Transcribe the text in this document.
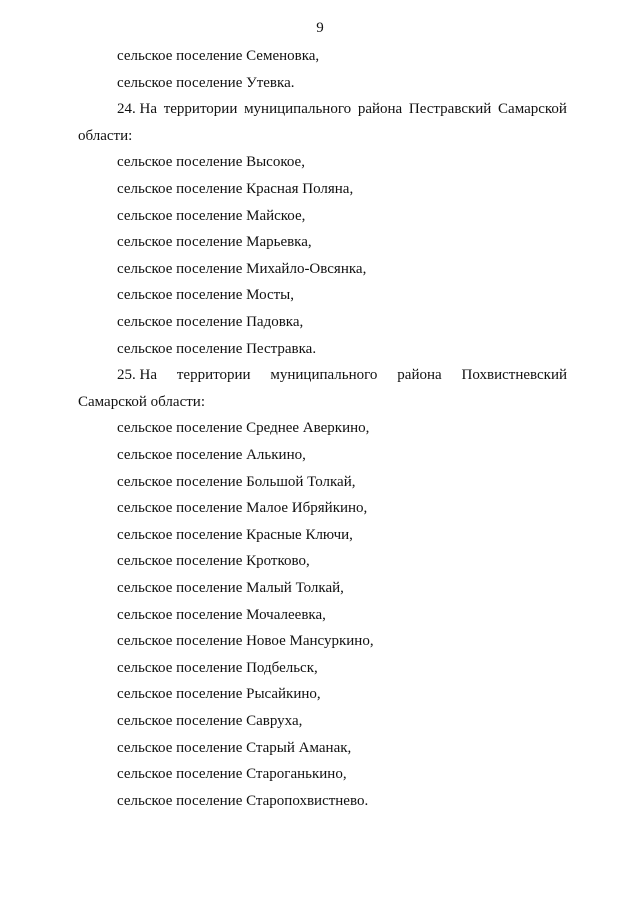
9
сельское поселение Семеновка,
сельское поселение Утевка.
24. На территории муниципального района Пестравский Самарской
области:
сельское поселение Высокое,
сельское поселение Красная Поляна,
сельское поселение Майское,
сельское поселение Марьевка,
сельское поселение Михайло-Овсянка,
сельское поселение Мосты,
сельское поселение Падовка,
сельское поселение Пестравка.
25. На территории муниципального района Похвистневский
Самарской области:
сельское поселение Среднее Аверкино,
сельское поселение Алькино,
сельское поселение Большой Толкай,
сельское поселение Малое Ибряйкино,
сельское поселение Красные Ключи,
сельское поселение Кротково,
сельское поселение Малый Толкай,
сельское поселение Мочалеевка,
сельское поселение Новое Мансуркино,
сельское поселение Подбельск,
сельское поселение Рысайкино,
сельское поселение Савруха,
сельское поселение Старый Аманак,
сельское поселение Староганькино,
сельское поселение Старопохвистнево.
